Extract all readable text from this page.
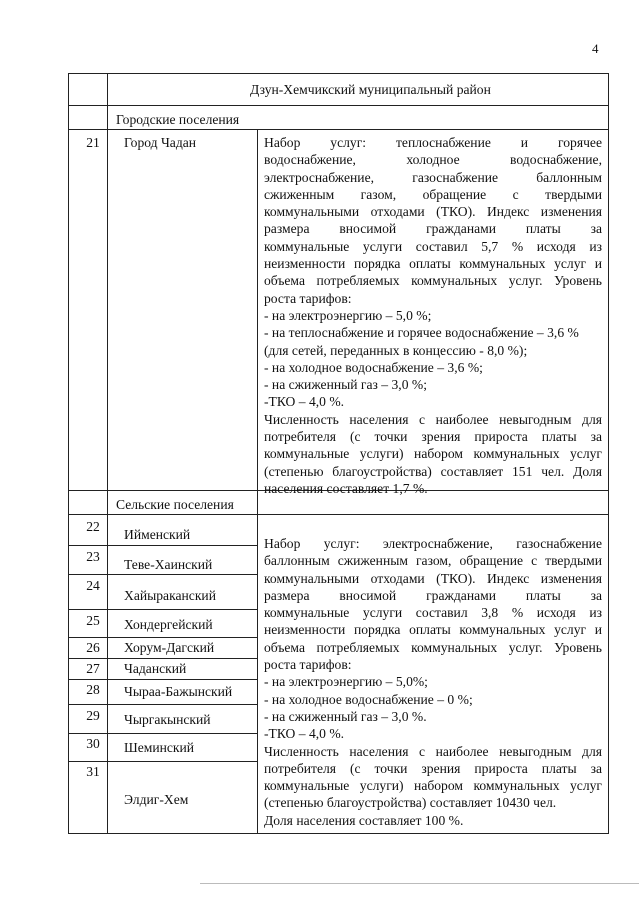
4
Дзун-Хемчикский муниципальный район
Городские поселения
21	Город Чадан	Набор услуг: теплоснабжение и горячее
водоснабжение, холодное водоснабжение,
электроснабжение, газоснабжение баллонным
сжиженным газом, обращение с твердыми
коммунальными отходами (ТКО). Индекс изменения
размера вносимой гражданами платы за
коммунальные услуги составил 5,7 % исходя из
неизменности порядка оплаты коммунальных услуг и
объема потребляемых коммунальных услуг. Уровень
роста тарифов:
- на электроэнергию – 5,0 %;
- на теплоснабжение и горячее водоснабжение – 3,6 %
(для сетей, переданных в концессию - 8,0 %);
- на холодное водоснабжение – 3,6 %;
- на сжиженный газ – 3,0 %;
-ТКО – 4,0 %.
Численность населения с наиболее невыгодным для
потребителя (с точки зрения прироста платы за
коммунальные услуги) набором коммунальных услуг
(степенью благоустройства) составляет 151 чел. Доля
населения составляет 1,7 %.
Сельские поселения
22
23
24
25
26
27
28
29
30
31
Ийменский
Теве-Хаинский
Хайыраканский
Хондергейский
Хорум-Дагский
Чаданский
Чыраа-Бажынский
Чыргакынский
Шеминский
Элдиг-Хем
Набор услуг: электроснабжение, газоснабжение
баллонным сжиженным газом, обращение с твердыми
коммунальными отходами (ТКО). Индекс изменения
размера вносимой гражданами платы за
коммунальные услуги составил 3,8 % исходя из
неизменности порядка оплаты коммунальных услуг и
объема потребляемых коммунальных услуг. Уровень
роста тарифов:
- на электроэнергию – 5,0%;
- на холодное водоснабжение – 0 %;
- на сжиженный газ – 3,0 %.
-ТКО – 4,0 %.
Численность населения с наиболее невыгодным для
потребителя (с точки зрения прироста платы за
коммунальные услуги) набором коммунальных услуг
(степенью благоустройства) составляет 10430 чел.
Доля населения составляет 100 %.
